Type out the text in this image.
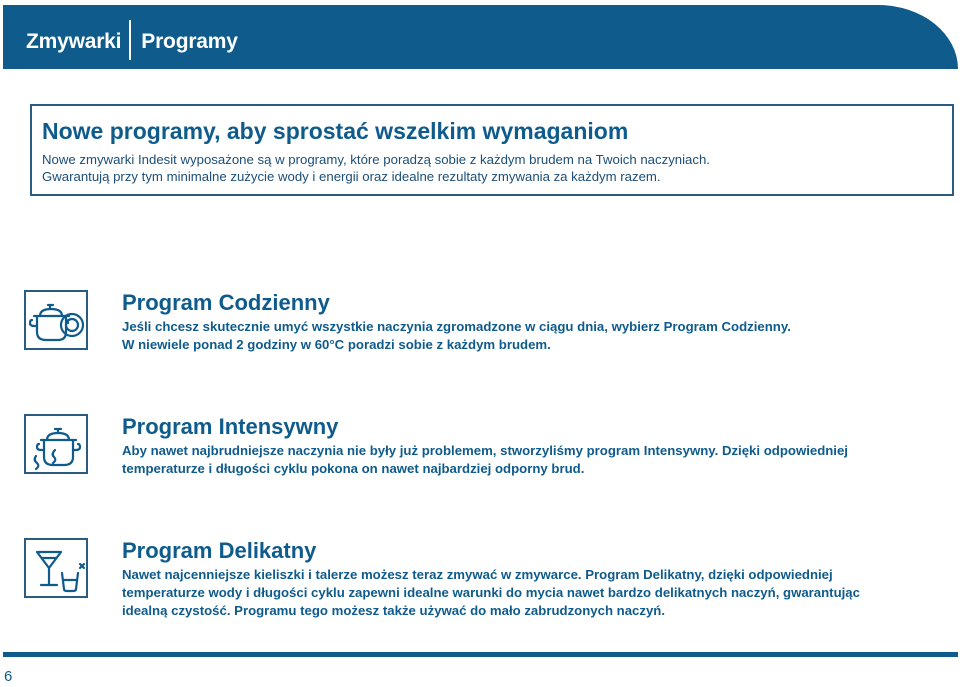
Zmywarki Programy
Nowe programy, aby sprostać wszelkim wymaganiom
Nowe zmywarki Indesit wyposażone są w programy, które poradzą sobie z każdym brudem na Twoich naczyniach.
Gwarantują przy tym minimalne zużycie wody i energii oraz idealne rezultaty zmywania za każdym razem.
Program Codzienny
Jeśli chcesz skutecznie umyć wszystkie naczynia zgromadzone w ciągu dnia, wybierz Program Codzienny.
W niewiele ponad 2 godziny w 60°C poradzi sobie z każdym brudem.
Program Intensywny
Aby nawet najbrudniejsze naczynia nie były już problemem, stworzyliśmy program Intensywny. Dzięki odpowiedniej
temperaturze i długości cyklu pokona on nawet najbardziej odporny brud.
Program Delikatny
Nawet najcenniejsze kieliszki i talerze możesz teraz zmywać w zmywarce. Program Delikatny, dzięki odpowiedniej
temperaturze wody i długości cyklu zapewni idealne warunki do mycia nawet bardzo delikatnych naczyń, gwarantując
idealną czystość. Programu tego możesz także używać do mało zabrudzonych naczyń.
6
